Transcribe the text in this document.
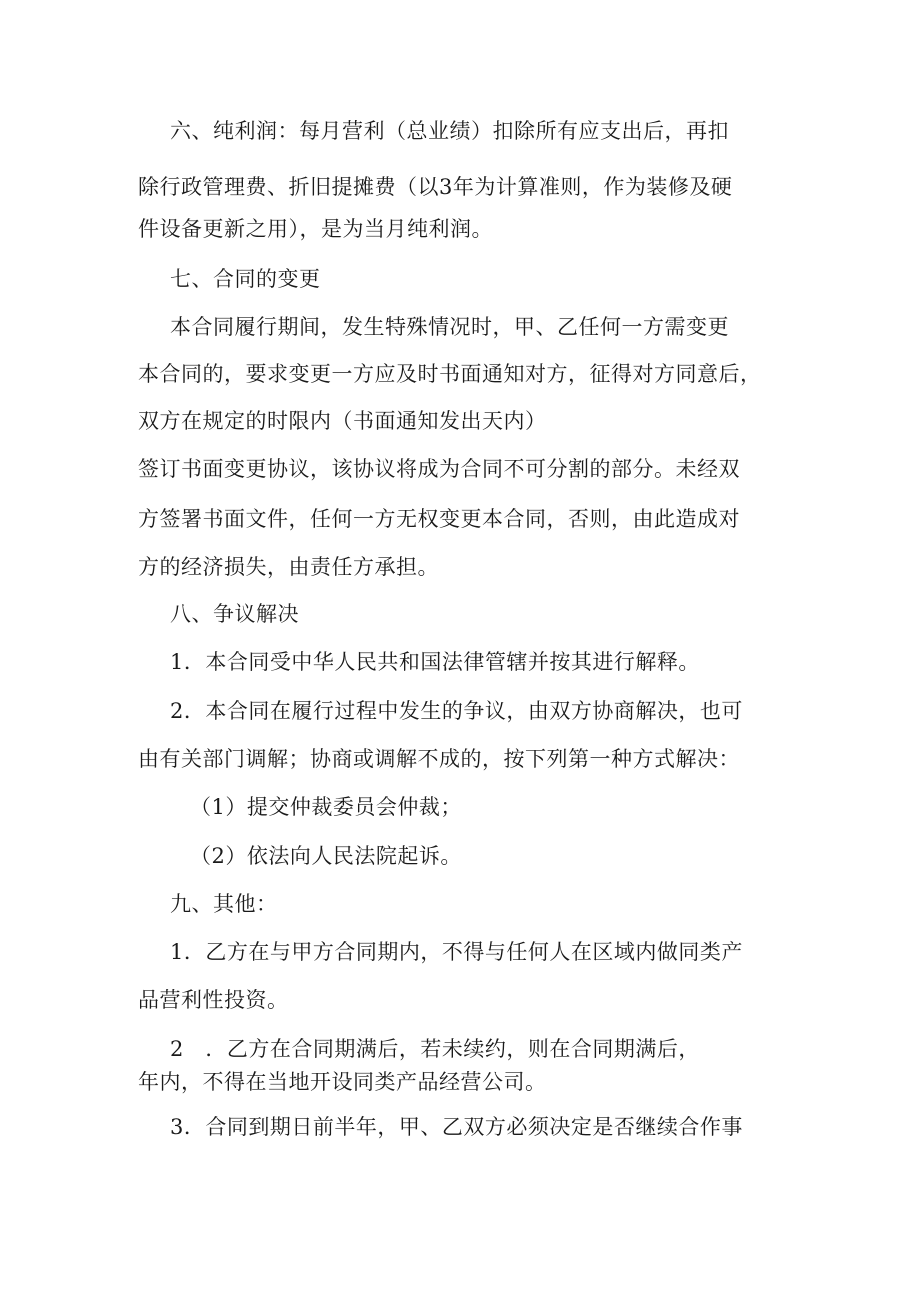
六、纯利润：每月营利（总业绩）扣除所有应支出后，再扣
除行政管理费、折旧提摊费（以3年为计算准则，作为装修及硬
件设备更新之用），是为当月纯利润。
七、合同的变更
本合同履行期间，发生特殊情况时，甲、乙任何一方需变更
本合同的，要求变更一方应及时书面通知对方，征得对方同意后，
双方在规定的时限内（书面通知发出天内）
签订书面变更协议，该协议将成为合同不可分割的部分。未经双
方签署书面文件，任何一方无权变更本合同，否则，由此造成对
方的经济损失，由责任方承担。
八、争议解决
1．本合同受中华人民共和国法律管辖并按其进行解释。
2．本合同在履行过程中发生的争议，由双方协商解决，也可
由有关部门调解；协商或调解不成的，按下列第一种方式解决：
（1）提交仲裁委员会仲裁；
（2）依法向人民法院起诉。
九、其他：
1．乙方在与甲方合同期内，不得与任何人在区域内做同类产
品营利性投资。
2　．乙方在合同期满后，若未续约，则在合同期满后，
年内，不得在当地开设同类产品经营公司。
3．合同到期日前半年，甲、乙双方必须决定是否继续合作事
